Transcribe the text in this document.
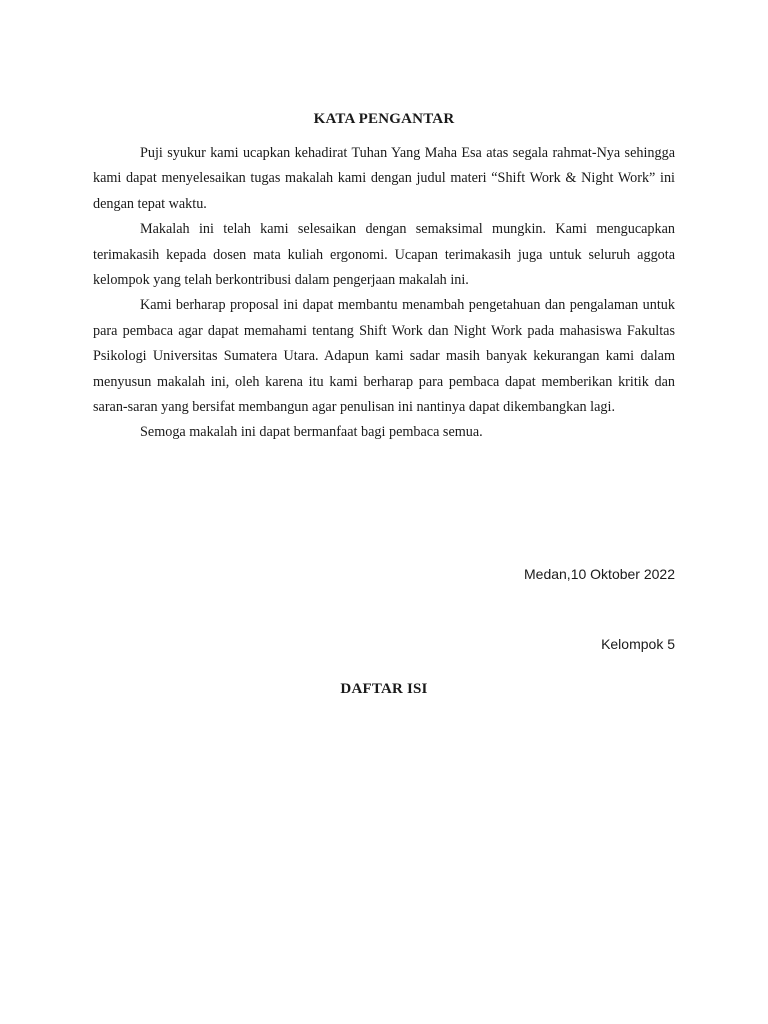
KATA PENGANTAR

Puji syukur kami ucapkan kehadirat Tuhan Yang Maha Esa atas segala rahmat-Nya sehingga kami dapat menyelesaikan tugas makalah kami dengan judul materi “Shift Work & Night Work” ini dengan tepat waktu.

Makalah ini telah kami selesaikan dengan semaksimal mungkin. Kami mengucapkan terimakasih kepada dosen mata kuliah ergonomi. Ucapan terimakasih juga untuk seluruh aggota kelompok yang telah berkontribusi dalam pengerjaan makalah ini.

Kami berharap proposal ini dapat membantu menambah pengetahuan dan pengalaman untuk para pembaca agar dapat memahami tentang Shift Work dan Night Work pada mahasiswa Fakultas Psikologi Universitas Sumatera Utara. Adapun kami sadar masih banyak kekurangan kami dalam menyusun makalah ini, oleh karena itu kami berharap para pembaca dapat memberikan kritik dan saran-saran yang bersifat membangun agar penulisan ini nantinya dapat dikembangkan lagi.

Semoga makalah ini dapat bermanfaat bagi pembaca semua.

Medan,10 Oktober 2022
Kelompok 5
DAFTAR ISI
